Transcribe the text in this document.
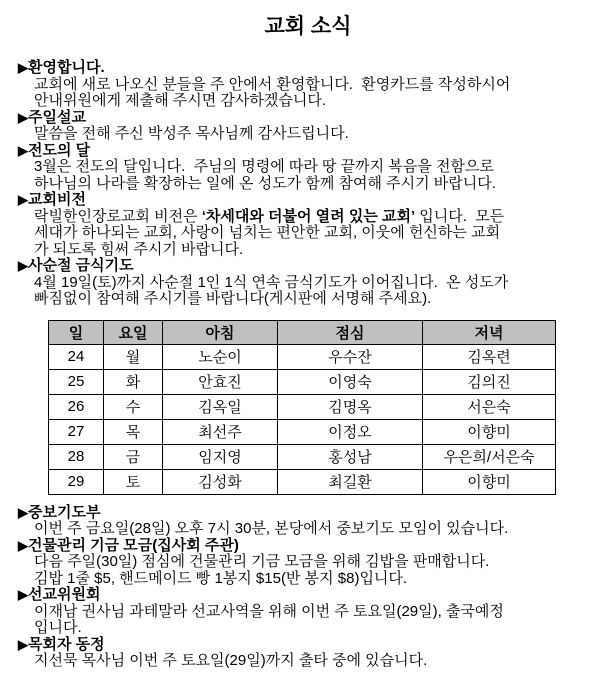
교회 소식
▶환영합니다.
교회에 새로 나오신 분들을 주 안에서 환영합니다.  환영카드를 작성하시어
안내위원에게 제출해 주시면 감사하겠습니다.
▶주일설교
말씀을 전해 주신 박성주 목사님께 감사드립니다.
▶전도의 달
3월은 전도의 달입니다.  주님의 명령에 따라 땅 끝까지 복음을 전함으로
하나님의 나라를 확장하는 일에 온 성도가 함께 참여해 주시기 바랍니다.
▶교회비전
락빌한인장로교회 비전은 ‘차세대와 더불어 열려 있는 교회’ 입니다.  모든
세대가 하나되는 교회, 사랑이 넘치는 편안한 교회, 이웃에 헌신하는 교회
가 되도록 힘써 주시기 바랍니다.
▶사순절 금식기도
4월 19일(토)까지 사순절 1인 1식 연속 금식기도가 이어집니다.  온 성도가
빠짐없이 참여해 주시기를 바랍니다(게시판에 서명해 주세요).
일	요일	아침	점심	저녁
24	월	노순이	우수잔	김옥련
25	화	안효진	이영숙	김의진
26	수	김옥일	김명옥	서은숙
27	목	최선주	이정오	이향미
28	금	임지영	홍성남	우은희/서은숙
29	토	김성화	최길환	이향미
▶중보기도부
이번 주 금요일(28일) 오후 7시 30분, 본당에서 중보기도 모임이 있습니다.
▶건물관리 기금 모금(집사회 주관)
다음 주일(30일) 점심에 건물관리 기금 모금을 위해 김밥을 판매합니다.
김밥 1줄 $5, 핸드메이드 빵 1봉지 $15(반 봉지 $8)입니다.
▶선교위원회
이재남 권사님 과테말라 선교사역을 위해 이번 주 토요일(29일), 출국예정
입니다.
▶목회자 동정
지선묵 목사님 이번 주 토요일(29일)까지 출타 중에 있습니다.
